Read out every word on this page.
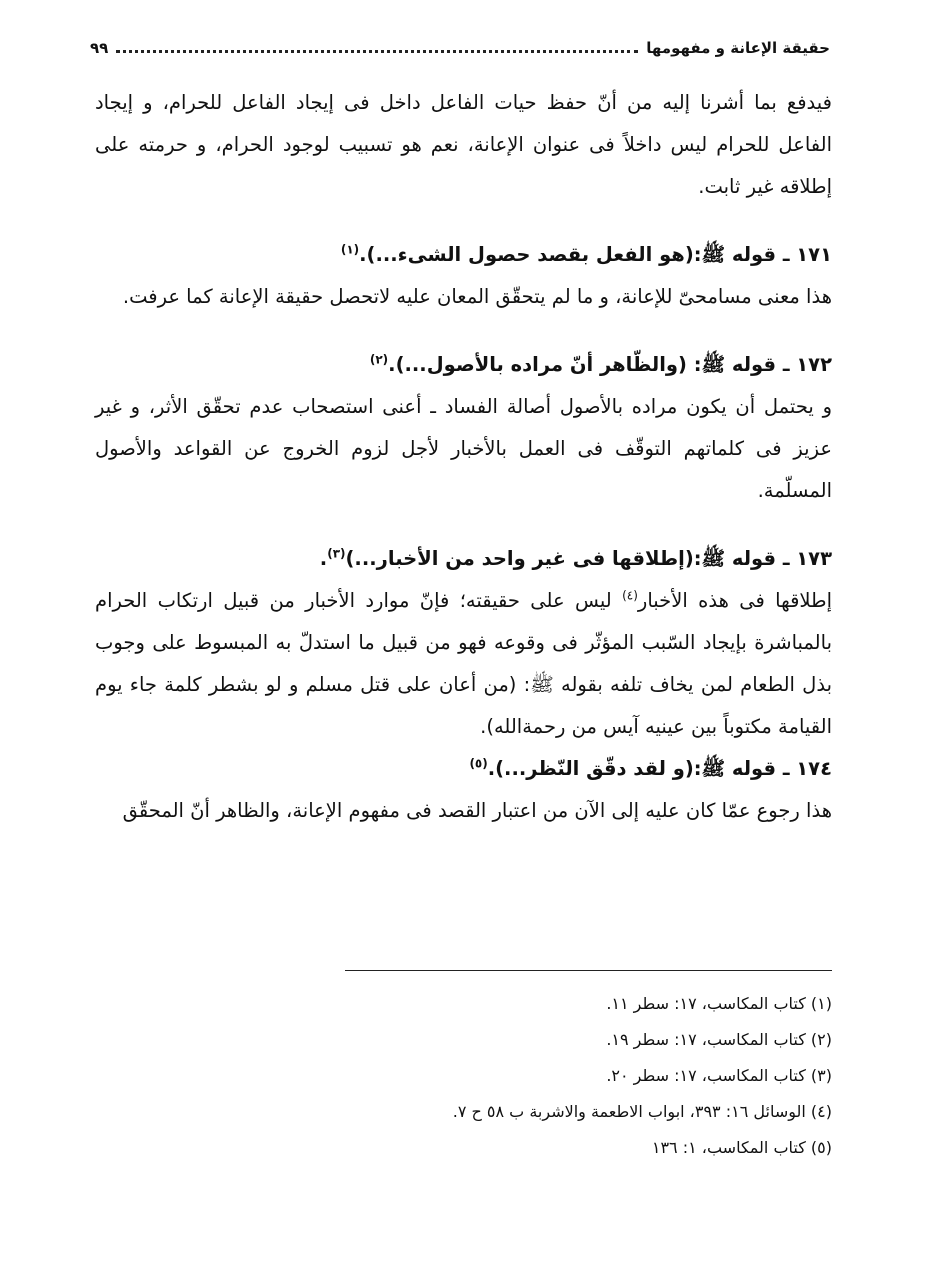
حقيقة الإعانة و مفهومها
٩٩

فيدفع بما أشرنا إليه من أنّ حفظ حيات الفاعل داخل فى إيجاد الفاعل للحرام، و إيجاد الفاعل للحرام ليس داخلاً فى عنوان الإعانة، نعم هو تسبيب لوجود الحرام، و حرمته على إطلاقه غير ثابت.

١٧١ ـ قوله ﷺ:(هو الفعل بقصد حصول الشىء...).$^{(١)}$

هذا معنى مسامحىّ للإعانة، و ما لم يتحقّق المعان عليه لاتحصل حقيقة الإعانة كما عرفت.

١٧٢ ـ قوله ﷺ: (والظّاهر أنّ مراده بالأصول...).$^{(٢)}$

و يحتمل أن يكون مراده بالأصول أصالة الفساد ـ أعنى استصحاب عدم تحقّق الأثر، و غير عزيز فى كلماتهم التوقّف فى العمل بالأخبار لأجل لزوم الخروج عن القواعد والأصول المسلّمة.

١٧٣ ـ قوله ﷺ:(إطلاقها فى غير واحد من الأخبار...)$^{(٣)}$.

إطلاقها فى هذه الأخبار$^{(٤)}$ ليس على حقيقته؛ فإنّ موارد الأخبار من قبيل ارتكاب الحرام بالمباشرة بإيجاد السّبب المؤثّر فى وقوعه فهو من قبيل ما استدلّ به المبسوط على وجوب بذل الطعام لمن يخاف تلفه بقوله ﷺ: (من أعان على قتل مسلم و لو بشطر كلمة جاء يوم القيامة مكتوباً بين عينيه آيس من رحمةالله).

١٧٤ ـ قوله ﷺ:(و لقد دقّق النّظر...).$^{(٥)}$

هذا رجوع عمّا كان عليه إلى الآن من اعتبار القصد فى مفهوم الإعانة، والظاهر أنّ المحقّق

(١) كتاب المكاسب، ١٧: سطر ١١.
(٢) كتاب المكاسب، ١٧: سطر ١٩.
(٣) كتاب المكاسب، ١٧: سطر ٢٠.
(٤) الوسائل ١٦: ٣٩٣، ابواب الاطعمة والاشربة ب ٥٨ ح ٧.
(٥) كتاب المكاسب، ١: ١٣٦
